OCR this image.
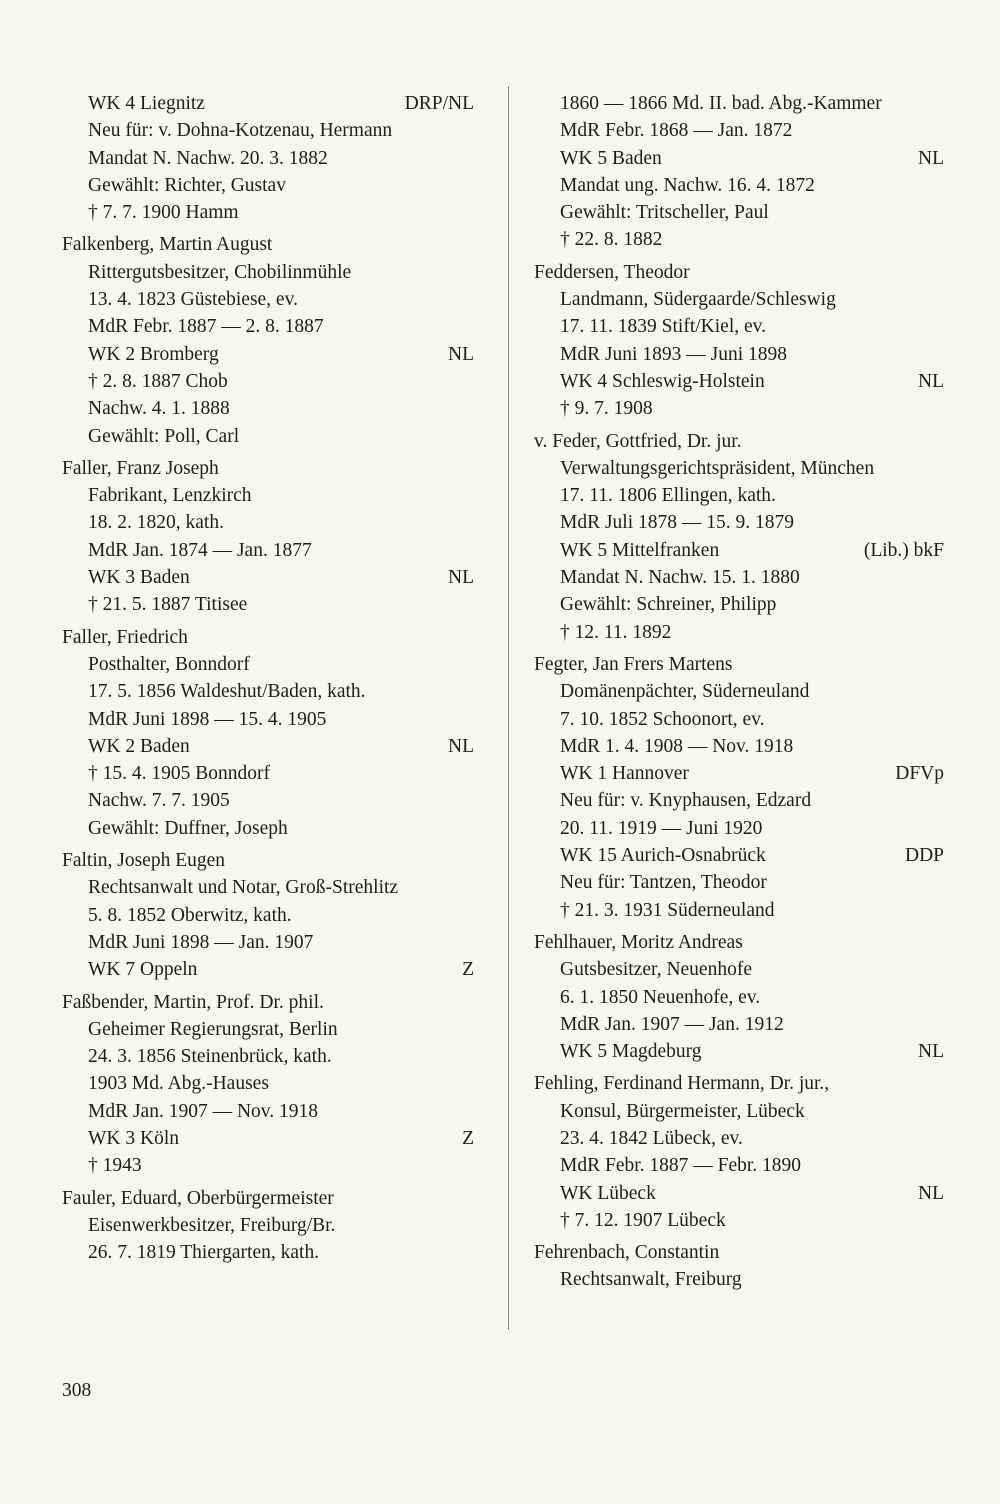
WK 4 Liegnitz	DRP/NL
Neu für: v. Dohna-Kotzenau, Hermann
Mandat N. Nachw. 20. 3. 1882
Gewählt: Richter, Gustav
† 7. 7. 1900 Hamm
Falkenberg, Martin August
Rittergutsbesitzer, Chobilinmühle
13. 4. 1823 Güstebiese, ev.
MdR Febr. 1887 — 2. 8. 1887
WK 2 Bromberg	NL
† 2. 8. 1887 Chob
Nachw. 4. 1. 1888
Gewählt: Poll, Carl
Faller, Franz Joseph
Fabrikant, Lenzkirch
18. 2. 1820, kath.
MdR Jan. 1874 — Jan. 1877
WK 3 Baden	NL
† 21. 5. 1887 Titisee
Faller, Friedrich
Posthalter, Bonndorf
17. 5. 1856 Waldeshut/Baden, kath.
MdR Juni 1898 — 15. 4. 1905
WK 2 Baden	NL
† 15. 4. 1905 Bonndorf
Nachw. 7. 7. 1905
Gewählt: Duffner, Joseph
Faltin, Joseph Eugen
Rechtsanwalt und Notar, Groß-Strehlitz
5. 8. 1852 Oberwitz, kath.
MdR Juni 1898 — Jan. 1907
WK 7 Oppeln	Z
Faßbender, Martin, Prof. Dr. phil.
Geheimer Regierungsrat, Berlin
24. 3. 1856 Steinenbrück, kath.
1903 Md. Abg.-Hauses
MdR Jan. 1907 — Nov. 1918
WK 3 Köln	Z
† 1943
Fauler, Eduard, Oberbürgermeister
Eisenwerkbesitzer, Freiburg/Br.
26. 7. 1819 Thiergarten, kath.
1860 — 1866 Md. II. bad. Abg.-Kammer
MdR Febr. 1868 — Jan. 1872
WK 5 Baden	NL
Mandat ung. Nachw. 16. 4. 1872
Gewählt: Tritscheller, Paul
† 22. 8. 1882
Feddersen, Theodor
Landmann, Südergaarde/Schleswig
17. 11. 1839 Stift/Kiel, ev.
MdR Juni 1893 — Juni 1898
WK 4 Schleswig-Holstein	NL
† 9. 7. 1908
v. Feder, Gottfried, Dr. jur.
Verwaltungsgerichtspräsident, München
17. 11. 1806 Ellingen, kath.
MdR Juli 1878 — 15. 9. 1879
WK 5 Mittelfranken	(Lib.) bkF
Mandat N. Nachw. 15. 1. 1880
Gewählt: Schreiner, Philipp
† 12. 11. 1892
Fegter, Jan Frers Martens
Domänenpächter, Süderneuland
7. 10. 1852 Schoonort, ev.
MdR 1. 4. 1908 — Nov. 1918
WK 1 Hannover	DFVp
Neu für: v. Knyphausen, Edzard
20. 11. 1919 — Juni 1920
WK 15 Aurich-Osnabrück	DDP
Neu für: Tantzen, Theodor
† 21. 3. 1931 Süderneuland
Fehlhauer, Moritz Andreas
Gutsbesitzer, Neuenhofe
6. 1. 1850 Neuenhofe, ev.
MdR Jan. 1907 — Jan. 1912
WK 5 Magdeburg	NL
Fehling, Ferdinand Hermann, Dr. jur.,
Konsul, Bürgermeister, Lübeck
23. 4. 1842 Lübeck, ev.
MdR Febr. 1887 — Febr. 1890
WK Lübeck	NL
† 7. 12. 1907 Lübeck
Fehrenbach, Constantin
Rechtsanwalt, Freiburg
308
